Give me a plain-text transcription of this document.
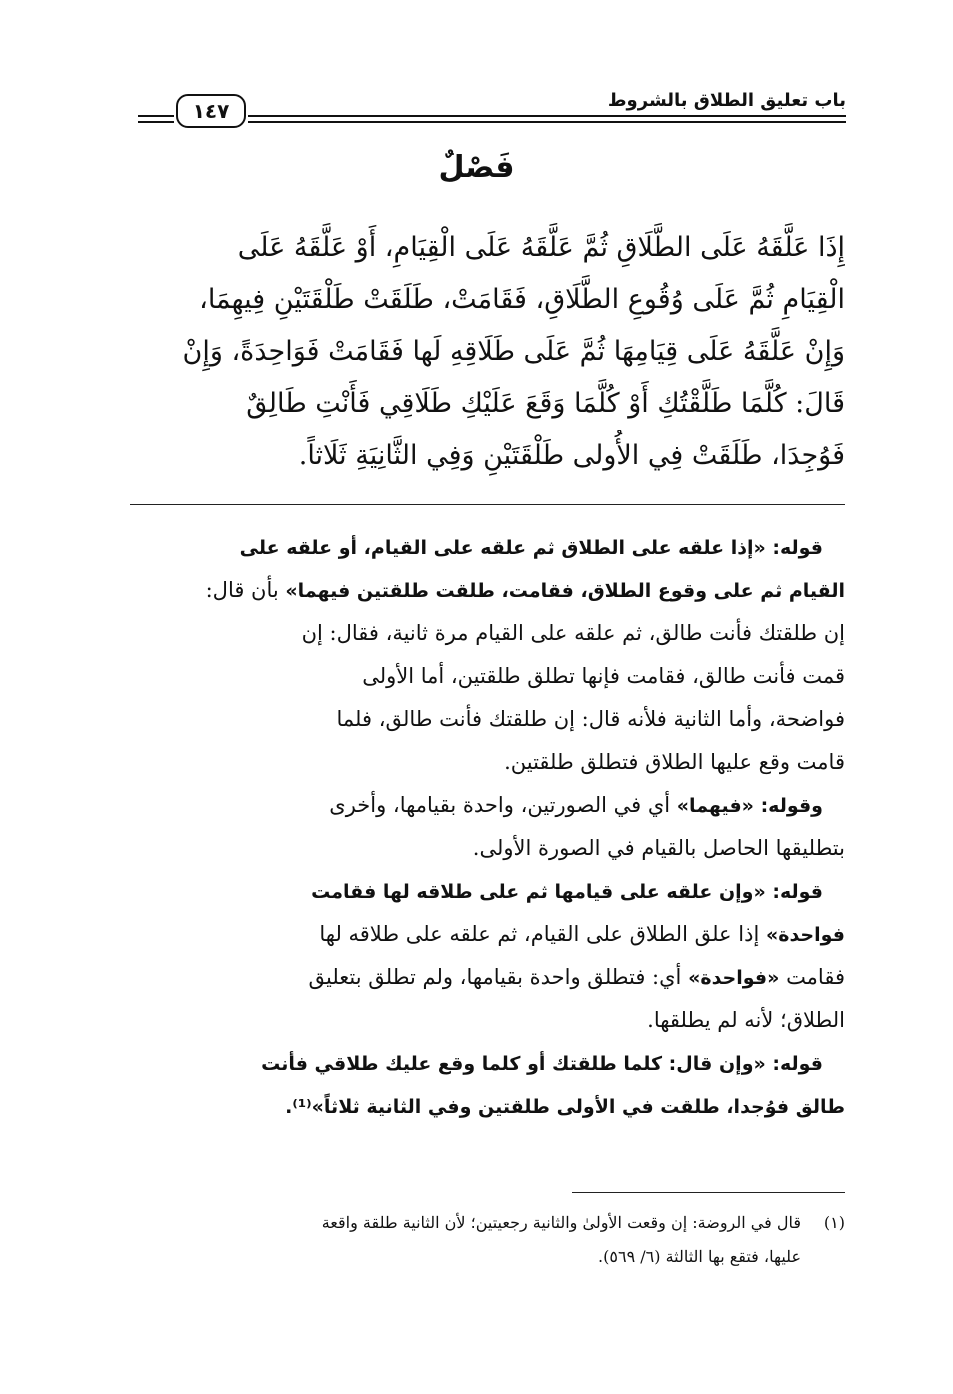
باب تعليق الطلاق بالشروط
١٤٧
فَصْلٌ
إِذَا عَلَّقَهُ عَلَى الطَّلَاقِ ثُمَّ عَلَّقَهُ عَلَى الْقِيَامِ، أَوْ عَلَّقَهُ عَلَى
الْقِيَامِ ثُمَّ عَلَى وُقُوعِ الطَّلَاقِ، فَقَامَتْ، طَلَقَتْ طَلْقَتَيْنِ فِيهِمَا،
وَإِنْ عَلَّقَهُ عَلَى قِيَامِهَا ثُمَّ عَلَى طَلَاقِهِ لَها فَقَامَتْ فَوَاحِدَةً، وَإِنْ
قَالَ: كُلَّمَا طَلَّقْتُكِ أَوْ كُلَّمَا وَقَعَ عَلَيْكِ طَلَاقِي فَأَنْتِ طَالِقٌ
فَوُجِدَا، طَلَقَتْ فِي الأُولى طَلْقَتَيْنِ وَفِي الثَّانِيَةِ ثَلَاثاً.

قوله: «إذا علقه على الطلاق ثم علقه على القيام، أو علقه على
القيام ثم على وقوع الطلاق، فقامت، طلقت طلقتين فيهما» بأن قال:
إن طلقتك فأنت طالق، ثم علقه على القيام مرة ثانية، فقال: إن
قمت فأنت طالق، فقامت فإنها تطلق طلقتين، أما الأولى
فواضحة، وأما الثانية فلأنه قال: إن طلقتك فأنت طالق، فلما
قامت وقع عليها الطلاق فتطلق طلقتين.

وقوله: «فيهما» أي في الصورتين، واحدة بقيامها، وأخرى
بتطليقها الحاصل بالقيام في الصورة الأولى.

قوله: «وإن علقه على قيامها ثم على طلاقه لها فقامت
فواحدة» إذا علق الطلاق على القيام، ثم علقه على طلاقه لها
فقامت «فواحدة» أي: فتطلق واحدة بقيامها، ولم تطلق بتعليق
الطلاق؛ لأنه لم يطلقها.

قوله: «وإن قال: كلما طلقتك أو كلما وقع عليك طلاقي فأنت
طالق فوُجدا، طلقت في الأولى طلقتين وفي الثانية ثلاثاً»⁽¹⁾.

(١)قال في الروضة: إن وقعت الأولىٰ والثانية رجعيتين؛ لأن الثانية طلقة واقعة
عليها، فتقع بها الثالثة (٦/ ٥٦٩).
